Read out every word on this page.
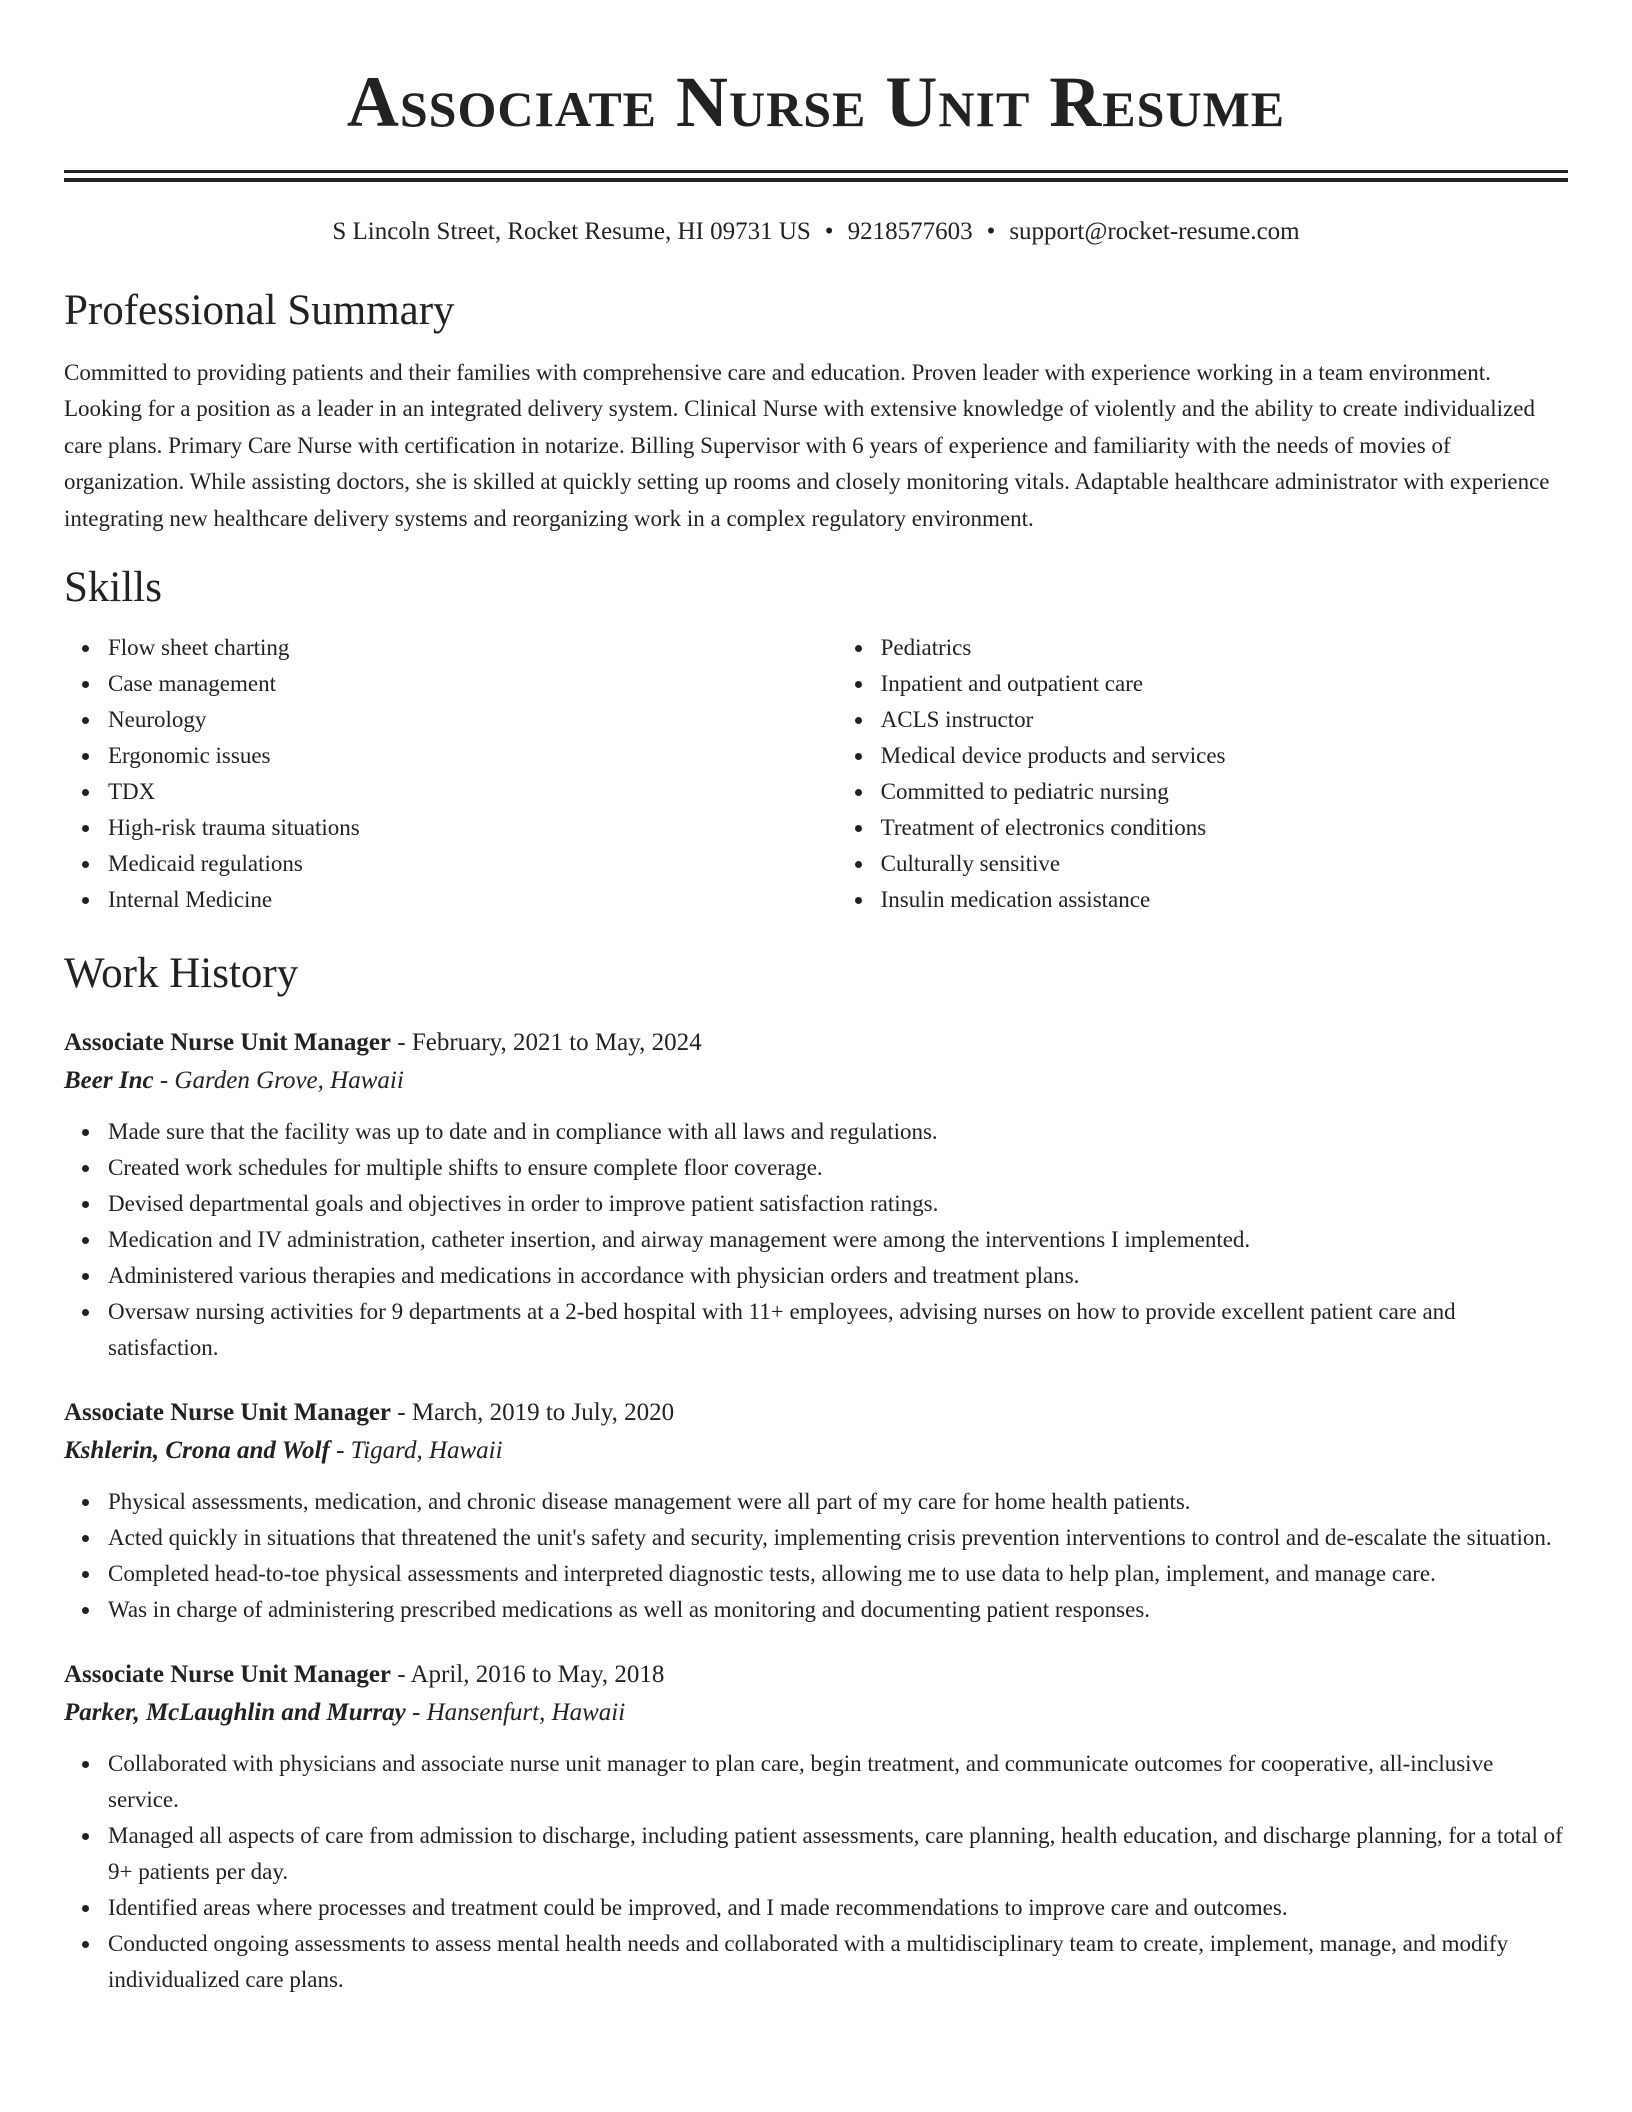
Associate Nurse Unit Resume
S Lincoln Street, Rocket Resume, HI 09731 US • 9218577603 • support@rocket-resume.com
Professional Summary
Committed to providing patients and their families with comprehensive care and education. Proven leader with experience working in a team environment. Looking for a position as a leader in an integrated delivery system. Clinical Nurse with extensive knowledge of violently and the ability to create individualized care plans. Primary Care Nurse with certification in notarize. Billing Supervisor with 6 years of experience and familiarity with the needs of movies of organization. While assisting doctors, she is skilled at quickly setting up rooms and closely monitoring vitals. Adaptable healthcare administrator with experience integrating new healthcare delivery systems and reorganizing work in a complex regulatory environment.
Skills
Flow sheet charting
Case management
Neurology
Ergonomic issues
TDX
High-risk trauma situations
Medicaid regulations
Internal Medicine
Pediatrics
Inpatient and outpatient care
ACLS instructor
Medical device products and services
Committed to pediatric nursing
Treatment of electronics conditions
Culturally sensitive
Insulin medication assistance
Work History
Associate Nurse Unit Manager - February, 2021 to May, 2024
Beer Inc - Garden Grove, Hawaii
Made sure that the facility was up to date and in compliance with all laws and regulations.
Created work schedules for multiple shifts to ensure complete floor coverage.
Devised departmental goals and objectives in order to improve patient satisfaction ratings.
Medication and IV administration, catheter insertion, and airway management were among the interventions I implemented.
Administered various therapies and medications in accordance with physician orders and treatment plans.
Oversaw nursing activities for 9 departments at a 2-bed hospital with 11+ employees, advising nurses on how to provide excellent patient care and satisfaction.
Associate Nurse Unit Manager - March, 2019 to July, 2020
Kshlerin, Crona and Wolf - Tigard, Hawaii
Physical assessments, medication, and chronic disease management were all part of my care for home health patients.
Acted quickly in situations that threatened the unit's safety and security, implementing crisis prevention interventions to control and de-escalate the situation.
Completed head-to-toe physical assessments and interpreted diagnostic tests, allowing me to use data to help plan, implement, and manage care.
Was in charge of administering prescribed medications as well as monitoring and documenting patient responses.
Associate Nurse Unit Manager - April, 2016 to May, 2018
Parker, McLaughlin and Murray - Hansenfurt, Hawaii
Collaborated with physicians and associate nurse unit manager to plan care, begin treatment, and communicate outcomes for cooperative, all-inclusive service.
Managed all aspects of care from admission to discharge, including patient assessments, care planning, health education, and discharge planning, for a total of 9+ patients per day.
Identified areas where processes and treatment could be improved, and I made recommendations to improve care and outcomes.
Conducted ongoing assessments to assess mental health needs and collaborated with a multidisciplinary team to create, implement, manage, and modify individualized care plans.
